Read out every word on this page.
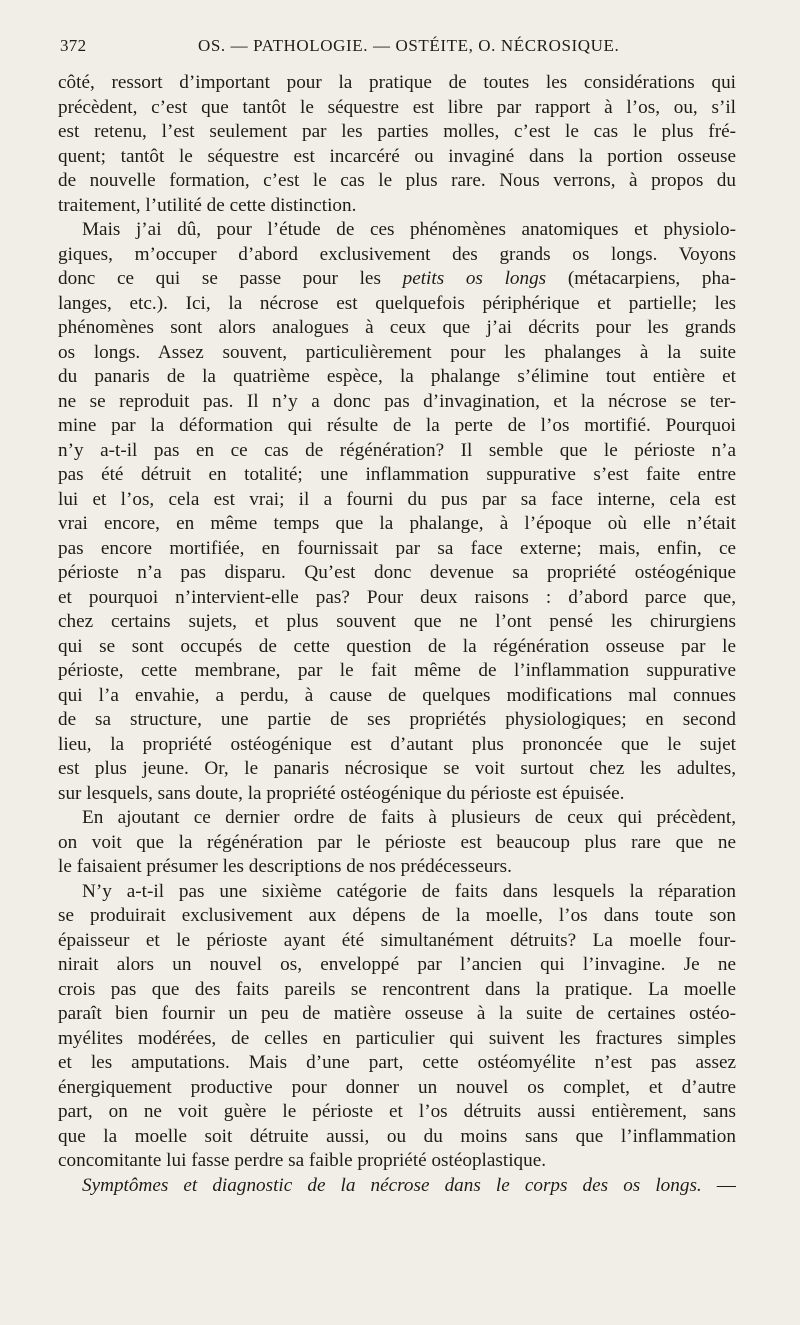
372	OS. — PATHOLOGIE. — OSTÉITE, O. NÉCROSIQUE.
côté, ressort d’important pour la pratique de toutes les considérations qui
précèdent, c’est que tantôt le séquestre est libre par rapport à l’os, ou, s’il
est retenu, l’est seulement par les parties molles, c’est le cas le plus fré-
quent; tantôt le séquestre est incarcéré ou invaginé dans la portion osseuse
de nouvelle formation, c’est le cas le plus rare. Nous verrons, à propos du
traitement, l’utilité de cette distinction.
Mais j’ai dû, pour l’étude de ces phénomènes anatomiques et physiolo-
giques, m’occuper d’abord exclusivement des grands os longs. Voyons
donc ce qui se passe pour les petits os longs (métacarpiens, pha-
langes, etc.). Ici, la nécrose est quelquefois périphérique et partielle; les
phénomènes sont alors analogues à ceux que j’ai décrits pour les grands
os longs. Assez souvent, particulièrement pour les phalanges à la suite
du panaris de la quatrième espèce, la phalange s’élimine tout entière et
ne se reproduit pas. Il n’y a donc pas d’invagination, et la nécrose se ter-
mine par la déformation qui résulte de la perte de l’os mortifié. Pourquoi
n’y a-t-il pas en ce cas de régénération? Il semble que le périoste n’a
pas été détruit en totalité; une inflammation suppurative s’est faite entre
lui et l’os, cela est vrai; il a fourni du pus par sa face interne, cela est
vrai encore, en même temps que la phalange, à l’époque où elle n’était
pas encore mortifiée, en fournissait par sa face externe; mais, enfin, ce
périoste n’a pas disparu. Qu’est donc devenue sa propriété ostéogénique
et pourquoi n’intervient-elle pas? Pour deux raisons : d’abord parce que,
chez certains sujets, et plus souvent que ne l’ont pensé les chirurgiens
qui se sont occupés de cette question de la régénération osseuse par le
périoste, cette membrane, par le fait même de l’inflammation suppurative
qui l’a envahie, a perdu, à cause de quelques modifications mal connues
de sa structure, une partie de ses propriétés physiologiques; en second
lieu, la propriété ostéogénique est d’autant plus prononcée que le sujet
est plus jeune. Or, le panaris nécrosique se voit surtout chez les adultes,
sur lesquels, sans doute, la propriété ostéogénique du périoste est épuisée.
En ajoutant ce dernier ordre de faits à plusieurs de ceux qui précèdent,
on voit que la régénération par le périoste est beaucoup plus rare que ne
le faisaient présumer les descriptions de nos prédécesseurs.
N’y a-t-il pas une sixième catégorie de faits dans lesquels la réparation
se produirait exclusivement aux dépens de la moelle, l’os dans toute son
épaisseur et le périoste ayant été simultanément détruits? La moelle four-
nirait alors un nouvel os, enveloppé par l’ancien qui l’invagine. Je ne
crois pas que des faits pareils se rencontrent dans la pratique. La moelle
paraît bien fournir un peu de matière osseuse à la suite de certaines ostéo-
myélites modérées, de celles en particulier qui suivent les fractures simples
et les amputations. Mais d’une part, cette ostéomyélite n’est pas assez
énergiquement productive pour donner un nouvel os complet, et d’autre
part, on ne voit guère le périoste et l’os détruits aussi entièrement, sans
que la moelle soit détruite aussi, ou du moins sans que l’inflammation
concomitante lui fasse perdre sa faible propriété ostéoplastique.
Symptômes et diagnostic de la nécrose dans le corps des os longs. —
